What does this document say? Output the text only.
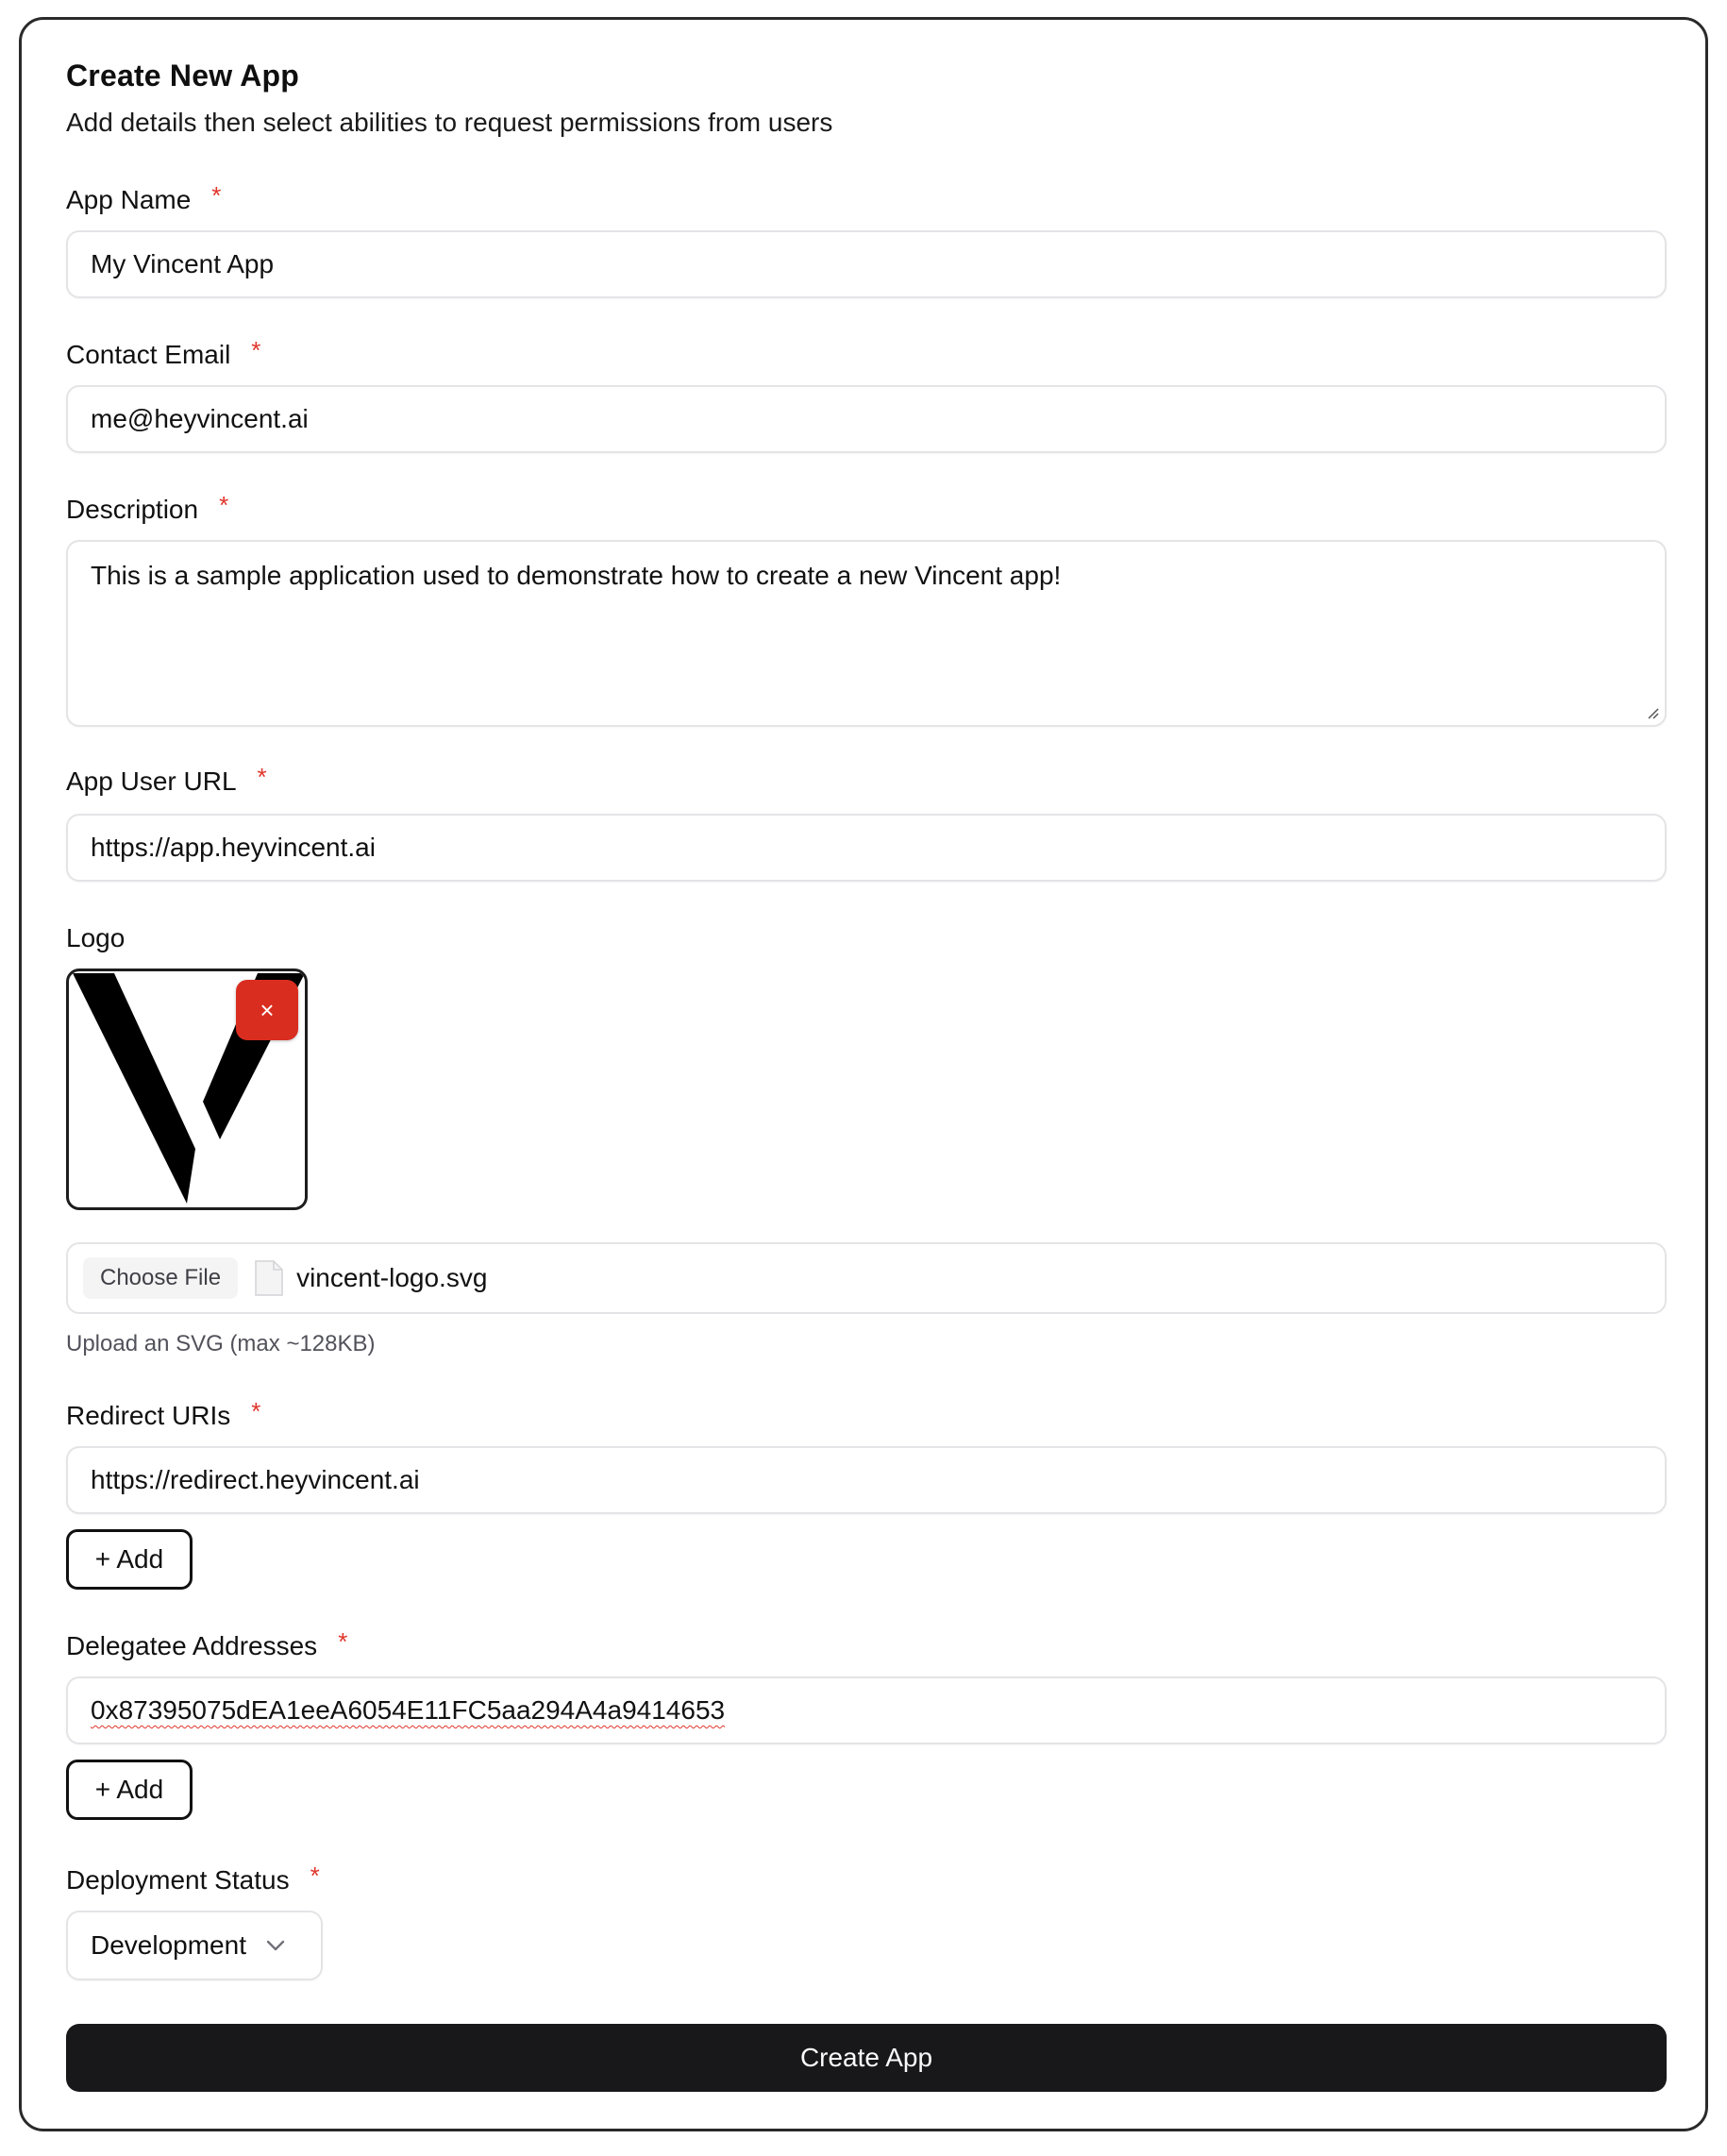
Create New App
Add details then select abilities to request permissions from users
App Name *
My Vincent App
Contact Email *
me@heyvincent.ai
Description *
This is a sample application used to demonstrate how to create a new Vincent app!
App User URL *
https://app.heyvincent.ai
Logo
×
Choose File	vincent-logo.svg
Upload an SVG (max ~128KB)
Redirect URIs *
https://redirect.heyvincent.ai
+ Add
Delegatee Addresses *
0x87395075dEA1eeA6054E11FC5aa294A4a9414653
+ Add
Deployment Status *
Development
Create App
